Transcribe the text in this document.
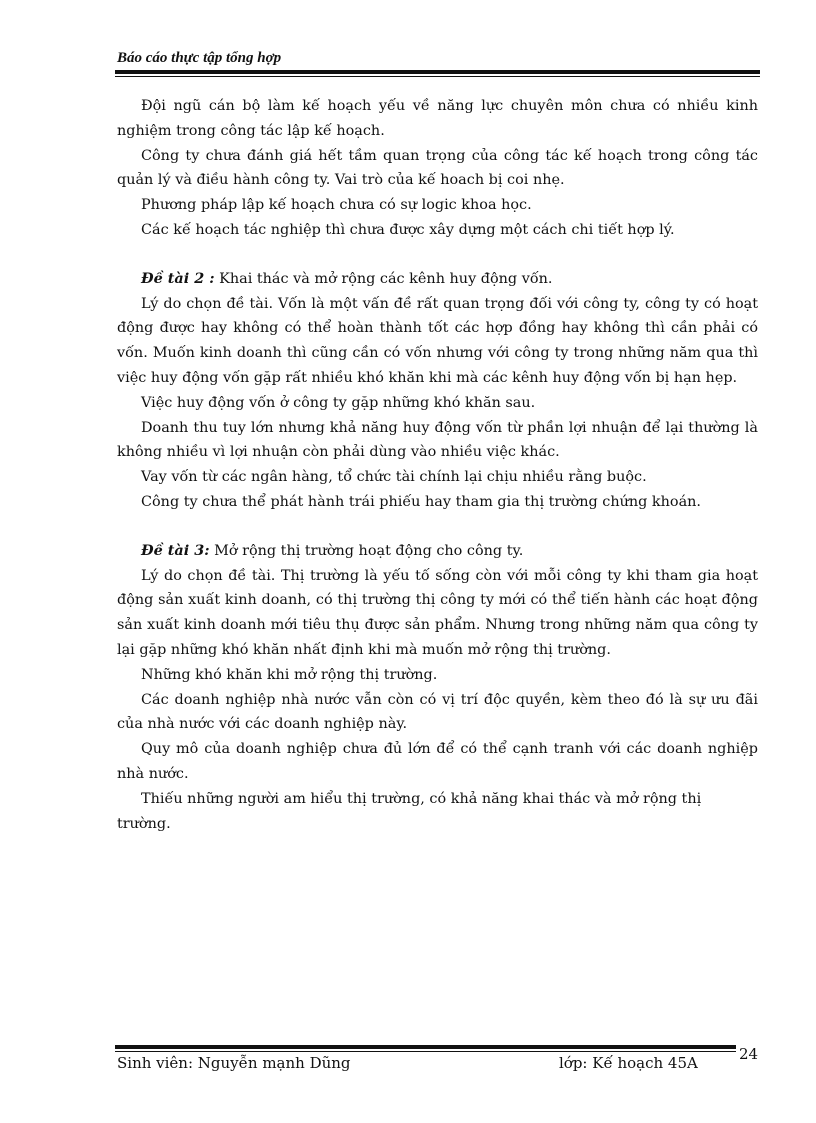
Báo cáo thực tập tổng hợp

Đội ngũ cán bộ làm kế hoạch yếu về năng lực chuyên môn chưa có nhiều kinh nghiệm trong công tác lập kế hoạch.

Công ty chưa đánh giá hết tầm quan trọng của công tác kế hoạch trong công tác quản lý và điều hành công ty. Vai trò của kế hoach bị coi nhẹ.

Phương pháp lập kế hoạch chưa có sự logic khoa học.

Các kế hoạch tác nghiệp thì chưa được xây dựng một cách chi tiết hợp lý.

Đề tài 2 : Khai thác và mở rộng các kênh huy động vốn.

Lý do chọn đề tài. Vốn là một vấn đề rất quan trọng đối với công ty, công ty có hoạt động được hay không có thể hoàn thành tốt các hợp đồng hay không thì cần phải có vốn. Muốn kinh doanh thì cũng cần có vốn nhưng với công ty trong những năm qua thì việc huy động vốn gặp rất nhiều khó khăn khi mà các kênh huy động vốn bị hạn hẹp.

Việc huy động vốn ở công ty gặp những khó khăn sau.

Doanh thu tuy lớn nhưng khả năng huy động vốn từ phần lợi nhuận để lại thường là không nhiều vì lợi nhuận còn phải dùng vào nhiều việc khác.

Vay vốn từ các ngân hàng, tổ chức tài chính lại chịu nhiều rằng buộc.

Công ty chưa thể phát hành trái phiếu hay tham gia thị trường chứng khoán.

Đề tài 3: Mở rộng thị trường hoạt động cho công ty.

Lý do chọn đề tài. Thị trường là yếu tố sống còn với mỗi công ty khi tham gia hoạt động sản xuất kinh doanh, có thị trường thị công ty mới có thể tiến hành các hoạt động sản xuất kinh doanh mới tiêu thụ được sản phẩm. Nhưng trong những năm qua công ty lại gặp những khó khăn nhất định khi mà muốn mở rộng thị trường.

Những khó khăn khi mở rộng thị trường.

Các doanh nghiệp nhà nước vẫn còn có vị trí độc quyền, kèm theo đó là sự ưu đãi của nhà nước với các doanh nghiệp này.

Quy mô của doanh nghiệp chưa đủ lớn để có thể cạnh tranh với các doanh nghiệp nhà nước.

Thiếu những người am hiểu thị trường, có khả năng khai thác và mở rộng thị trường.

Sinh viên: Nguyễn mạnh Dũng	lớp: Kế hoạch 45A	24
